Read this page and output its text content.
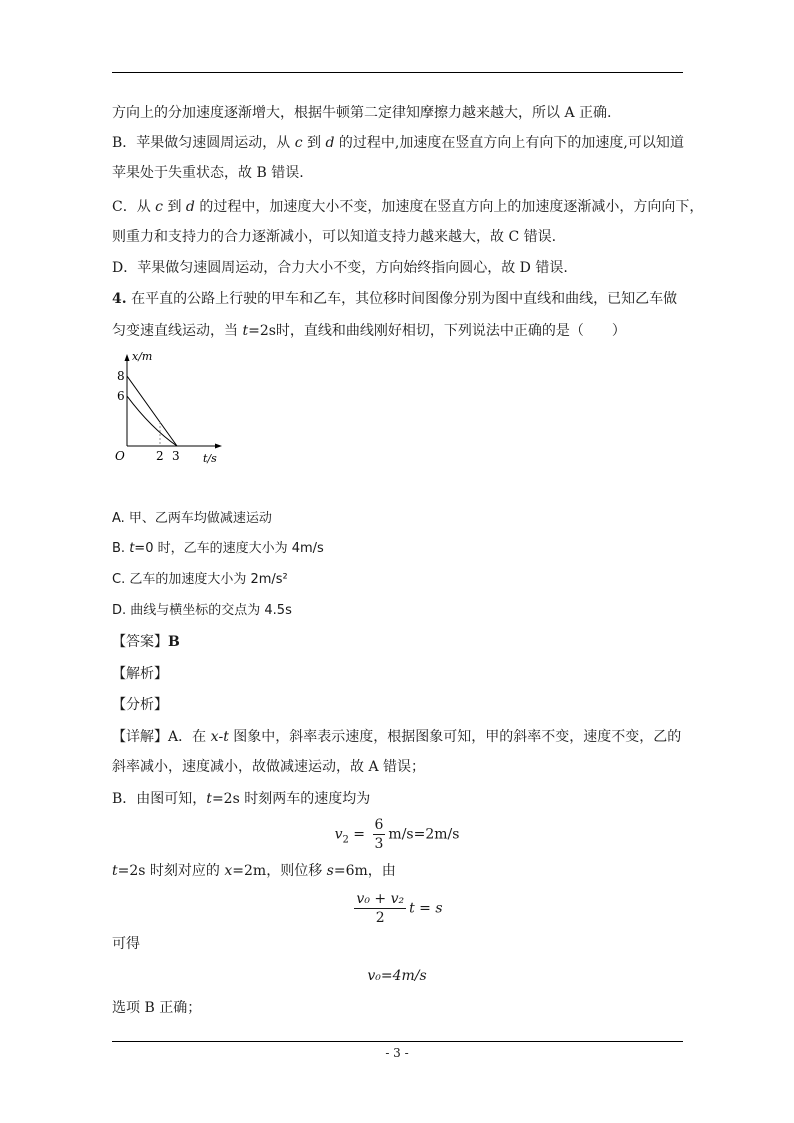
方向上的分加速度逐渐增大，根据牛顿第二定律知摩擦力越来越大，所以 A 正确.
B．苹果做匀速圆周运动，从 c 到 d 的过程中,加速度在竖直方向上有向下的加速度,可以知道
苹果处于失重状态，故 B 错误.
C．从 c 到 d 的过程中，加速度大小不变，加速度在竖直方向上的加速度逐渐减小，方向向下，
则重力和支持力的合力逐渐减小，可以知道支持力越来越大，故 C 错误.
D．苹果做匀速圆周运动，合力大小不变，方向始终指向圆心，故 D 错误.
4. 在平直的公路上行驶的甲车和乙车，其位移时间图像分别为图中直线和曲线，已知乙车做
匀变速直线运动，当 t=2s时，直线和曲线刚好相切，下列说法中正确的是（　　）
x/m
8
6
O	2 3 t/s
A. 甲、乙两车均做减速运动
B. t=0 时，乙车的速度大小为 4m/s
C. 乙车的加速度大小为 2m/s²
D. 曲线与横坐标的交点为 4.5s
【答案】B
【解析】
【分析】
【详解】A．在 x-t 图象中，斜率表示速度，根据图象可知，甲的斜率不变，速度不变，乙的
斜率减小，速度减小，故做减速运动，故 A 错误；
B．由图可知，t=2s 时刻两车的速度均为
$v_2 = \frac{6}{3} m/s=2m/s$
t=2s 时刻对应的 x=2m，则位移 s=6m，由
$\frac{\text{v₀ + v₂}}{2}$ t = s
可得
v₀=4m/s
选项 B 正确；
- 3 -
